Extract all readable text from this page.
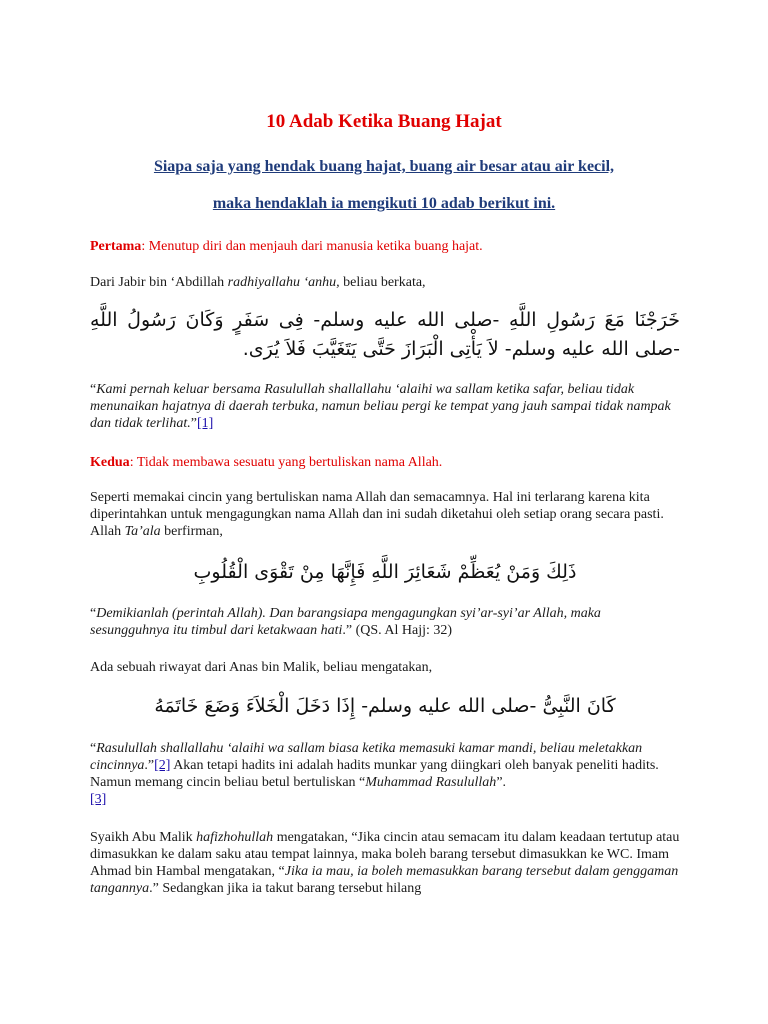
10 Adab Ketika Buang Hajat

Siapa saja yang hendak buang hajat, buang air besar atau air kecil,

maka hendaklah ia mengikuti 10 adab berikut ini.

Pertama: Menutup diri dan menjauh dari manusia ketika buang hajat.

Dari Jabir bin ‘Abdillah radhiyallahu ‘anhu, beliau berkata,

خَرَجْنَا مَعَ رَسُولِ اللَّهِ -صلى الله عليه وسلم- فِى سَفَرٍ وَكَانَ رَسُولُ اللَّهِ -صلى الله عليه وسلم- لاَ يَأْتِى الْبَرَازَ حَتَّى يَتَغَيَّبَ فَلاَ يُرَى.

“Kami pernah keluar bersama Rasulullah shallallahu ‘alaihi wa sallam ketika safar, beliau tidak menunaikan hajatnya di daerah terbuka, namun beliau pergi ke tempat yang jauh sampai tidak nampak dan tidak terlihat.”[1]

Kedua: Tidak membawa sesuatu yang bertuliskan nama Allah.

Seperti memakai cincin yang bertuliskan nama Allah dan semacamnya. Hal ini terlarang karena kita diperintahkan untuk mengagungkan nama Allah dan ini sudah diketahui oleh setiap orang secara pasti. Allah Ta’ala berfirman,

ذَلِكَ وَمَنْ يُعَظِّمْ شَعَائِرَ اللَّهِ فَإِنَّهَا مِنْ تَقْوَى الْقُلُوبِ

“Demikianlah (perintah Allah). Dan barangsiapa mengagungkan syi’ar-syi’ar Allah, maka sesungguhnya itu timbul dari ketakwaan hati.” (QS. Al Hajj: 32)

Ada sebuah riwayat dari Anas bin Malik, beliau mengatakan,

كَانَ النَّبِىُّ -صلى الله عليه وسلم- إِذَا دَخَلَ الْخَلاَءَ وَضَعَ خَاتَمَهُ

“Rasulullah shallallahu ‘alaihi wa sallam biasa ketika memasuki kamar mandi, beliau meletakkan cincinnya.”[2] Akan tetapi hadits ini adalah hadits munkar yang diingkari oleh banyak peneliti hadits. Namun memang cincin beliau betul bertuliskan “Muhammad Rasulullah”.
[3]

Syaikh Abu Malik hafizhohullah mengatakan, “Jika cincin atau semacam itu dalam keadaan tertutup atau dimasukkan ke dalam saku atau tempat lainnya, maka boleh barang tersebut dimasukkan ke WC. Imam Ahmad bin Hambal mengatakan, “Jika ia mau, ia boleh memasukkan barang tersebut dalam genggaman tangannya.” Sedangkan jika ia takut barang tersebut hilang
